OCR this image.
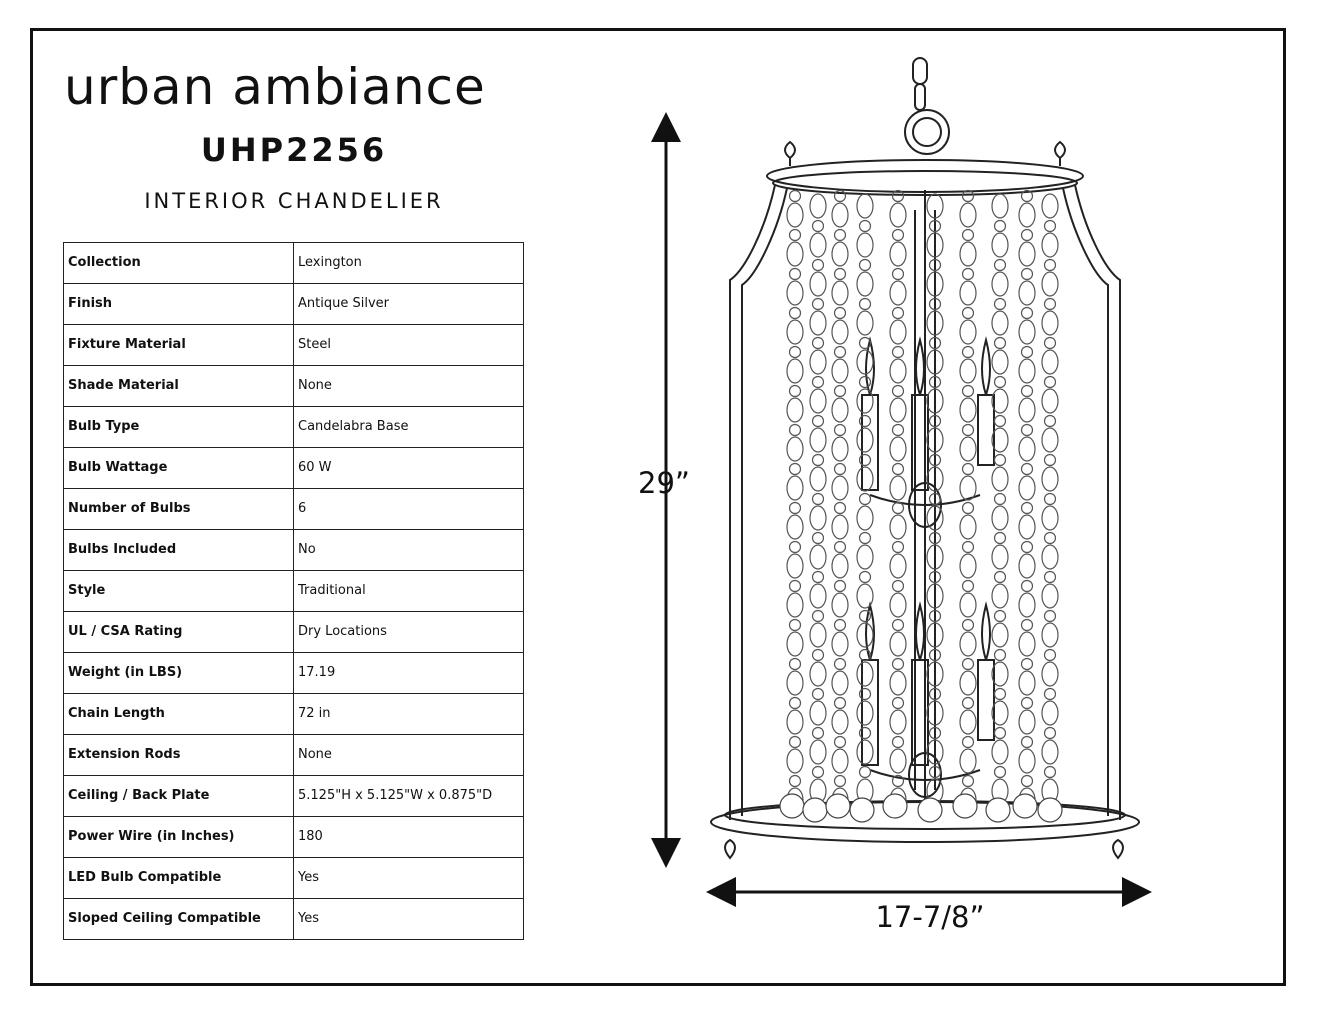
urban ambiance
UHP2256
INTERIOR CHANDELIER
Collection	Lexington
Finish	Antique Silver
Fixture Material	Steel
Shade Material	None
Bulb Type	Candelabra Base
Bulb Wattage	60 W
Number of Bulbs	6
Bulbs Included	No
Style	Traditional
UL / CSA Rating	Dry Locations
Weight (in LBS)	17.19
Chain Length	72 in
Extension Rods	None
Ceiling / Back Plate	5.125"H x 5.125"W x 0.875"D
Power Wire (in Inches)	180
LED Bulb Compatible	Yes
Sloped Ceiling Compatible	Yes
29”
17-7/8”
